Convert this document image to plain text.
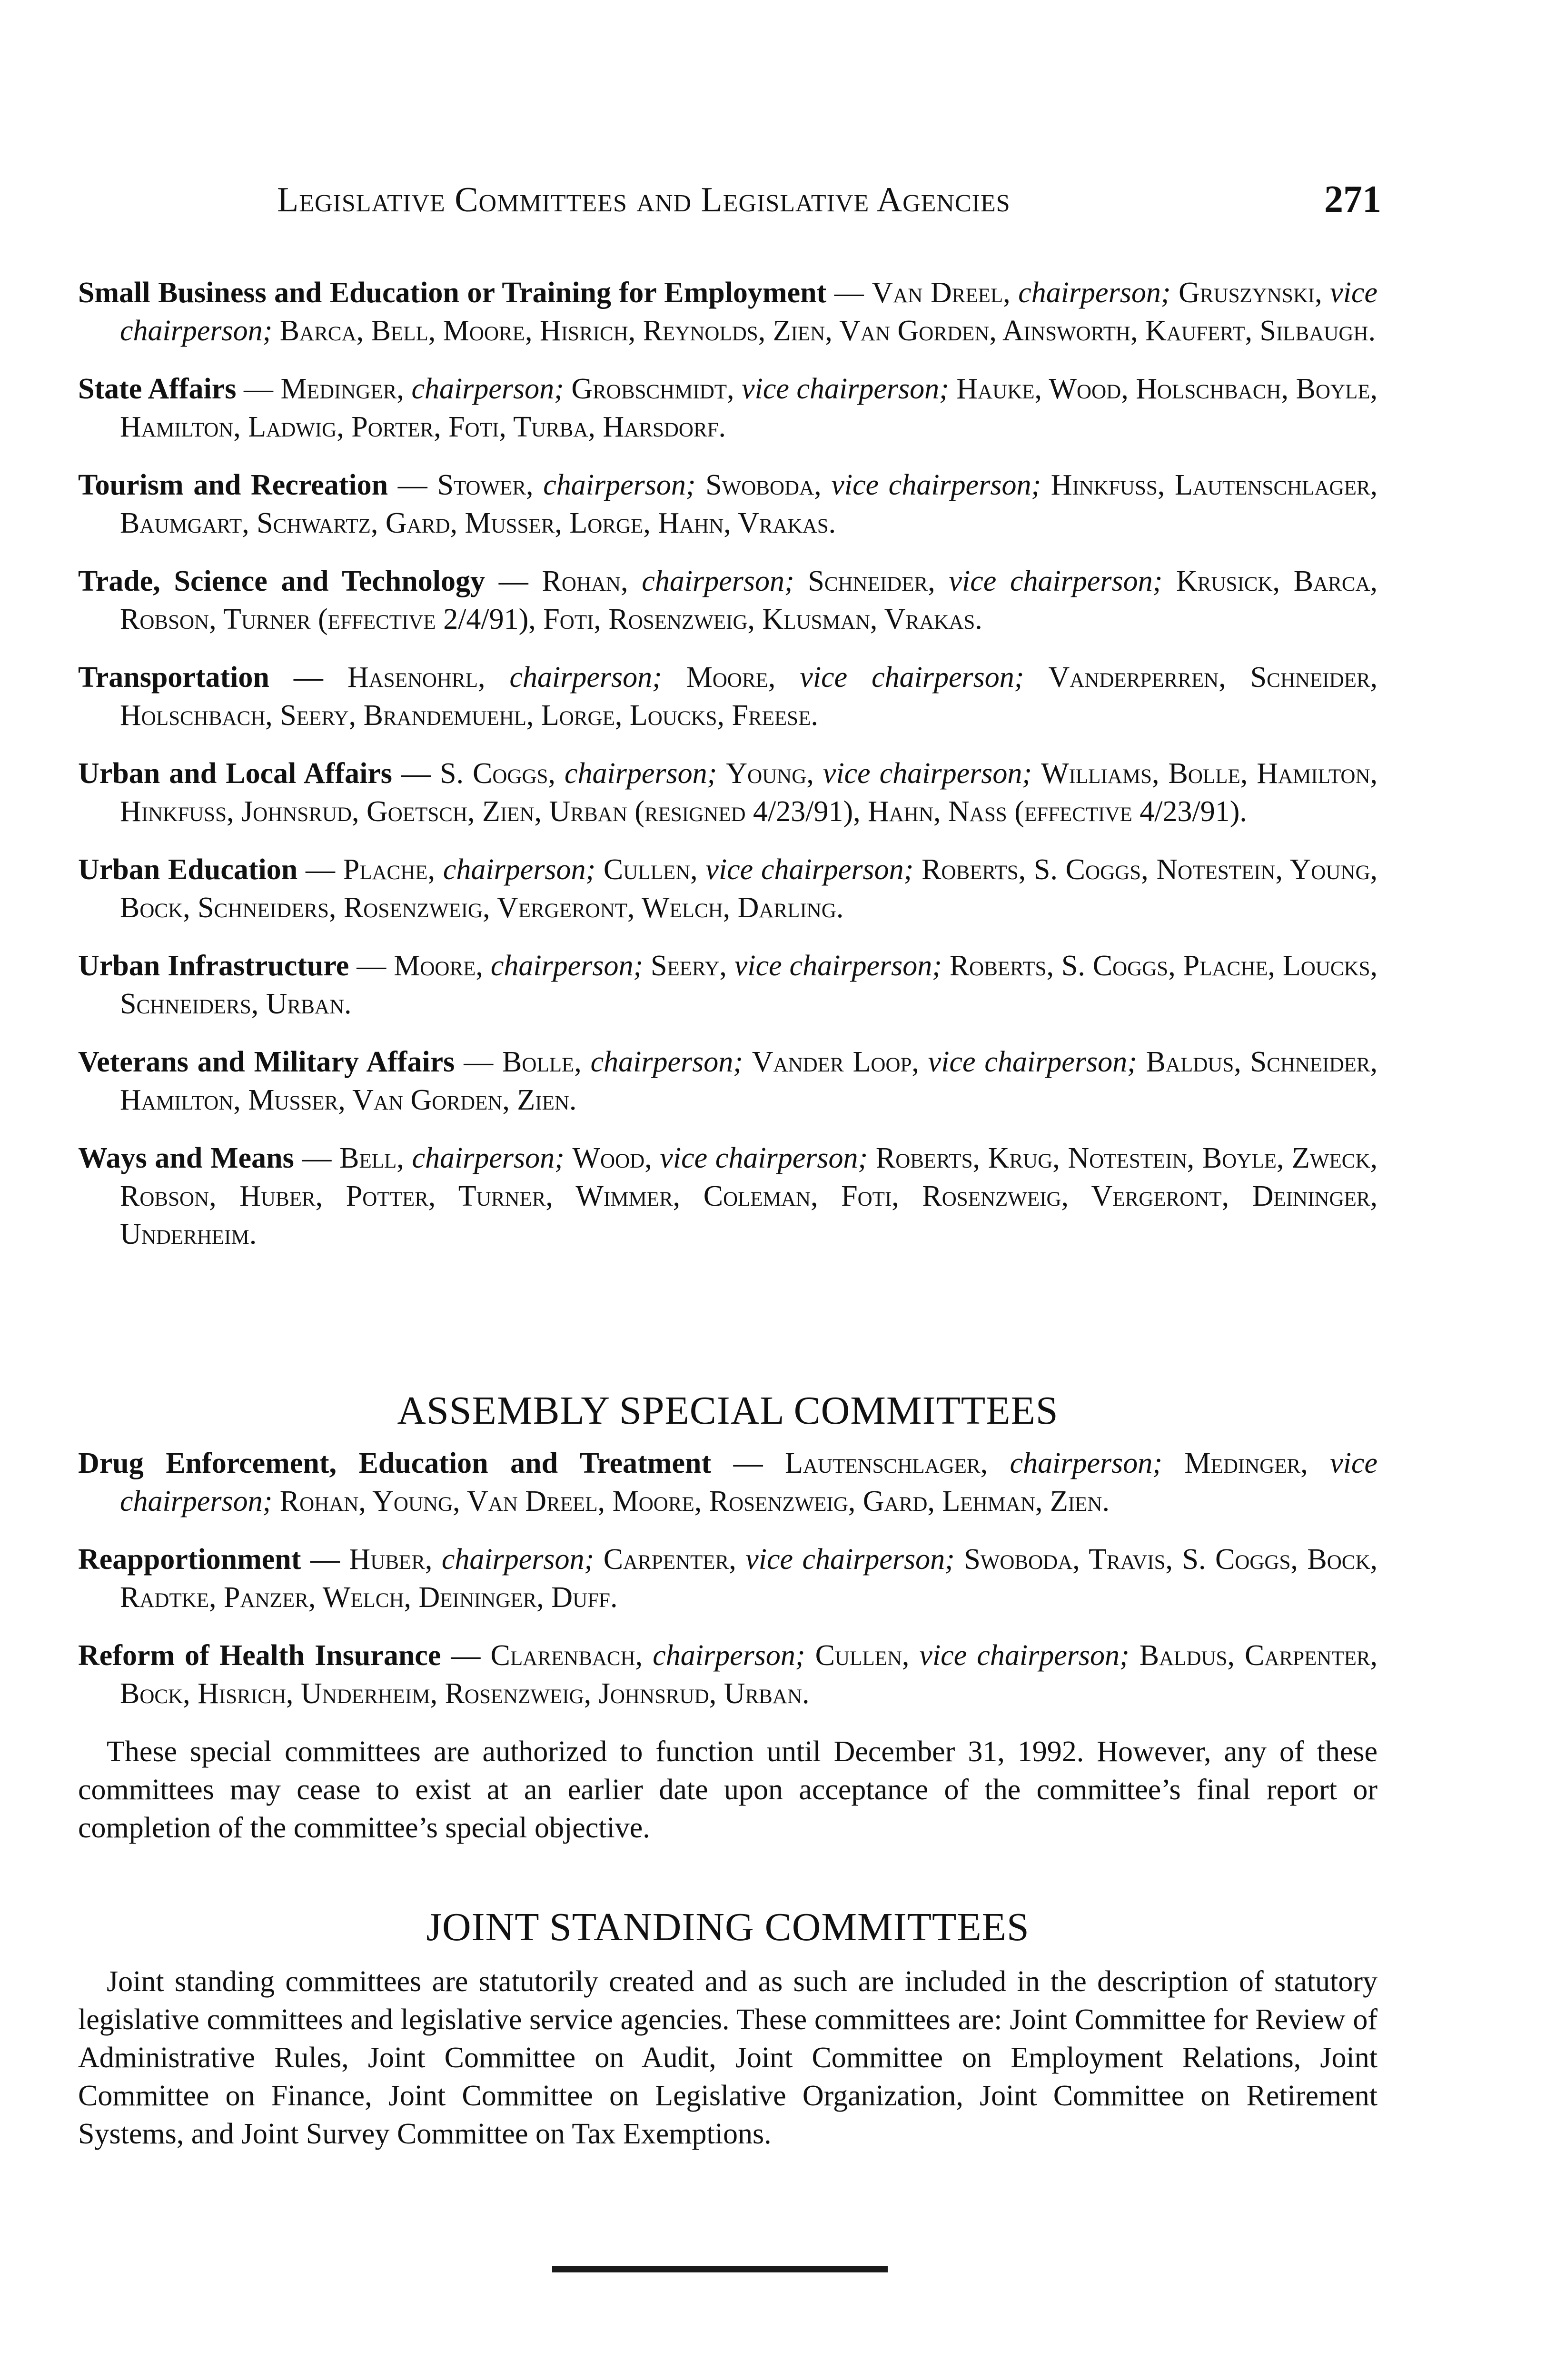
Legislative Committees and Legislative Agencies	271

Small Business and Education or Training for Employment — Van Dreel, chairperson; Gruszynski, vice chairperson; Barca, Bell, Moore, Hisrich, Reynolds, Zien, Van Gorden, Ainsworth, Kaufert, Silbaugh.

State Affairs — Medinger, chairperson; Grobschmidt, vice chairperson; Hauke, Wood, Holschbach, Boyle, Hamilton, Ladwig, Porter, Foti, Turba, Harsdorf.

Tourism and Recreation — Stower, chairperson; Swoboda, vice chairperson; Hinkfuss, Lautenschlager, Baumgart, Schwartz, Gard, Musser, Lorge, Hahn, Vrakas.

Trade, Science and Technology — Rohan, chairperson; Schneider, vice chairperson; Krusick, Barca, Robson, Turner (effective 2/4/91), Foti, Rosenzweig, Klusman, Vrakas.

Transportation — Hasenohrl, chairperson; Moore, vice chairperson; Vanderperren, Schneider, Holschbach, Seery, Brandemuehl, Lorge, Loucks, Freese.

Urban and Local Affairs — S. Coggs, chairperson; Young, vice chairperson; Williams, Bolle, Hamilton, Hinkfuss, Johnsrud, Goetsch, Zien, Urban (resigned 4/23/91), Hahn, Nass (effective 4/23/91).

Urban Education — Plache, chairperson; Cullen, vice chairperson; Roberts, S. Coggs, Notestein, Young, Bock, Schneiders, Rosenzweig, Vergeront, Welch, Darling.

Urban Infrastructure — Moore, chairperson; Seery, vice chairperson; Roberts, S. Coggs, Plache, Loucks, Schneiders, Urban.

Veterans and Military Affairs — Bolle, chairperson; Vander Loop, vice chairperson; Baldus, Schneider, Hamilton, Musser, Van Gorden, Zien.

Ways and Means — Bell, chairperson; Wood, vice chairperson; Roberts, Krug, Notestein, Boyle, Zweck, Robson, Huber, Potter, Turner, Wimmer, Coleman, Foti, Rosenzweig, Vergeront, Deininger, Underheim.

ASSEMBLY SPECIAL COMMITTEES

Drug Enforcement, Education and Treatment — Lautenschlager, chairperson; Medinger, vice chairperson; Rohan, Young, Van Dreel, Moore, Rosenzweig, Gard, Lehman, Zien.

Reapportionment — Huber, chairperson; Carpenter, vice chairperson; Swoboda, Travis, S. Coggs, Bock, Radtke, Panzer, Welch, Deininger, Duff.

Reform of Health Insurance — Clarenbach, chairperson; Cullen, vice chairperson; Baldus, Carpenter, Bock, Hisrich, Underheim, Rosenzweig, Johnsrud, Urban.

These special committees are authorized to function until December 31, 1992. However, any of these committees may cease to exist at an earlier date upon acceptance of the committee’s final report or completion of the committee’s special objective.

JOINT STANDING COMMITTEES

Joint standing committees are statutorily created and as such are included in the description of statutory legislative committees and legislative service agencies. These committees are: Joint Committee for Review of Administrative Rules, Joint Committee on Audit, Joint Committee on Employment Relations, Joint Committee on Finance, Joint Committee on Legislative Organization, Joint Committee on Retirement Systems, and Joint Survey Committee on Tax Exemptions.
